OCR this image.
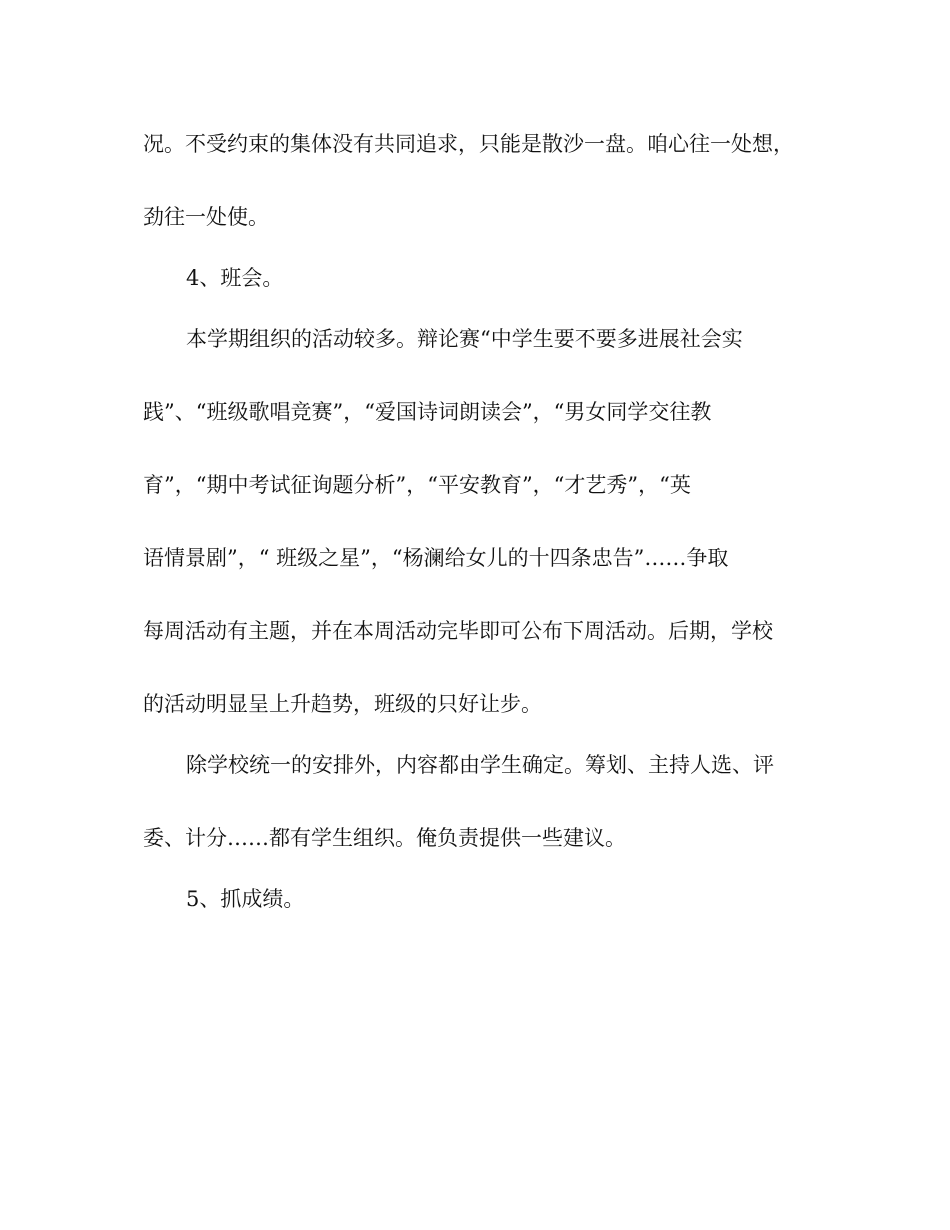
况。不受约束的集体没有共同追求，只能是散沙一盘。咱心往一处想，
劲往一处使。
4、班会。
本学期组织的活动较多。辩论赛“中学生要不要多进展社会实
践”、“班级歌唱竞赛”，“爱国诗词朗读会”，“男女同学交往教
育”，“期中考试征询题分析”，“平安教育”，“才艺秀”，“英
语情景剧”，“ 班级之星”，“杨澜给女儿的十四条忠告”……争取
每周活动有主题，并在本周活动完毕即可公布下周活动。后期，学校
的活动明显呈上升趋势，班级的只好让步。
除学校统一的安排外，内容都由学生确定。筹划、主持人选、评
委、计分……都有学生组织。俺负责提供一些建议。
5、抓成绩。
